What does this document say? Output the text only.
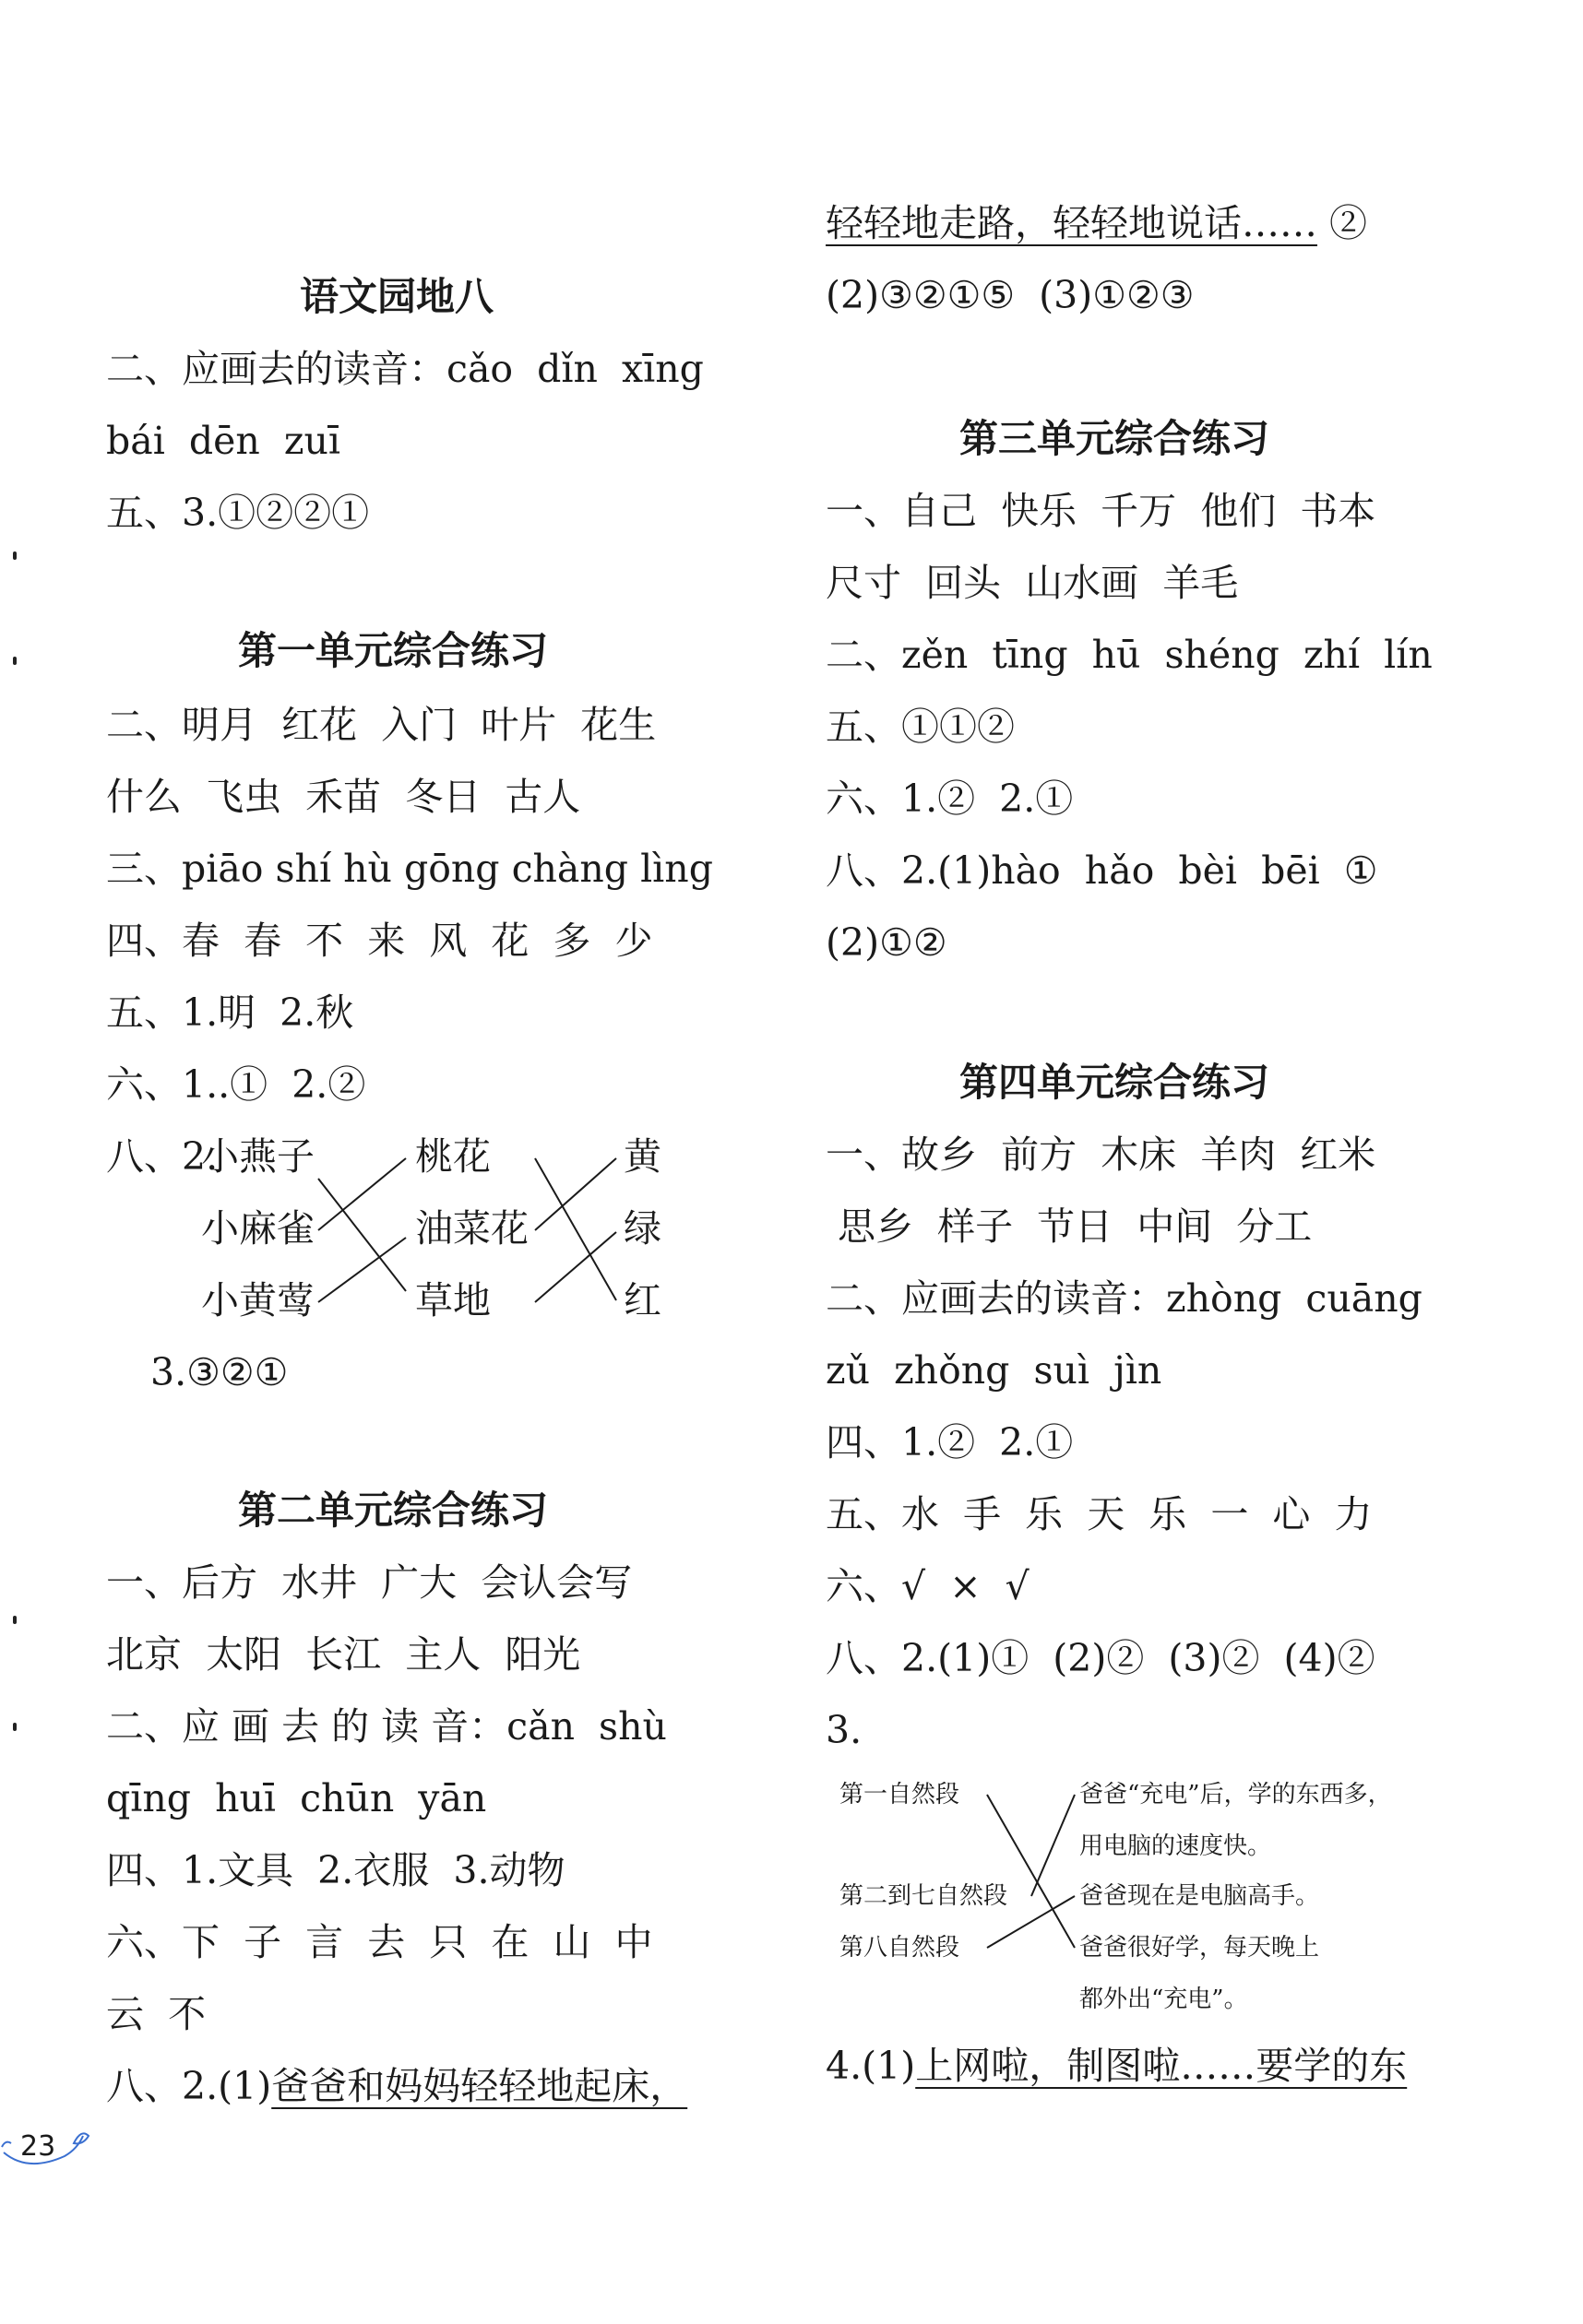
语文园地八
二、应画去的读音：cǎo  dǐn  xīng
bái  dēn  zuī
五、3.①②②①
第一单元综合练习
二、明月  红花  入门  叶片  花生
什么  飞虫  禾苗  冬日  古人
三、piāo shí hù gōng chàng lìng
四、春  春  不  来  风  花  多  少
五、1.明  2.秋
六、1..①  2.②
八、2.
小燕子
小麻雀
小黄莺
桃花
油菜花
草地
黄
绿
红
3.③②①
第二单元综合练习
一、后方  水井  广大  会认会写
北京  太阳  长江  主人  阳光
二、应 画 去 的 读 音：cǎn  shù
qīng  huī  chūn  yān
四、1.文具  2.衣服  3.动物
六、下  子  言  去  只  在  山  中
云  不
八、2.(1)爸爸和妈妈轻轻地起床，
轻轻地走路，轻轻地说话…… ②
(2)③②①⑤  (3)①②③
第三单元综合练习
一、自己  快乐  千万  他们  书本
尺寸  回头  山水画  羊毛
二、zěn  tīng  hū  shéng  zhí  lín
五、①①②
六、1.②  2.①
八、2.(1)hào  hǎo  bèi  bēi  ①
(2)①②
第四单元综合练习
一、故乡  前方  木床  羊肉  红米
思乡  样子  节日  中间  分工
二、应画去的读音：zhòng  cuāng
zǔ  zhǒng  suì  jìn
四、1.②  2.①
五、水  手  乐  天  乐  一  心  力
六、√  ×  √
八、2.(1)①  (2)②  (3)②  (4)②
3.
第一自然段
第二到七自然段
第八自然段
爸爸“充电”后，学的东西多，
用电脑的速度快。
爸爸现在是电脑高手。
爸爸很好学，每天晚上
都外出“充电”。
4.(1)上网啦，制图啦……要学的东
23
